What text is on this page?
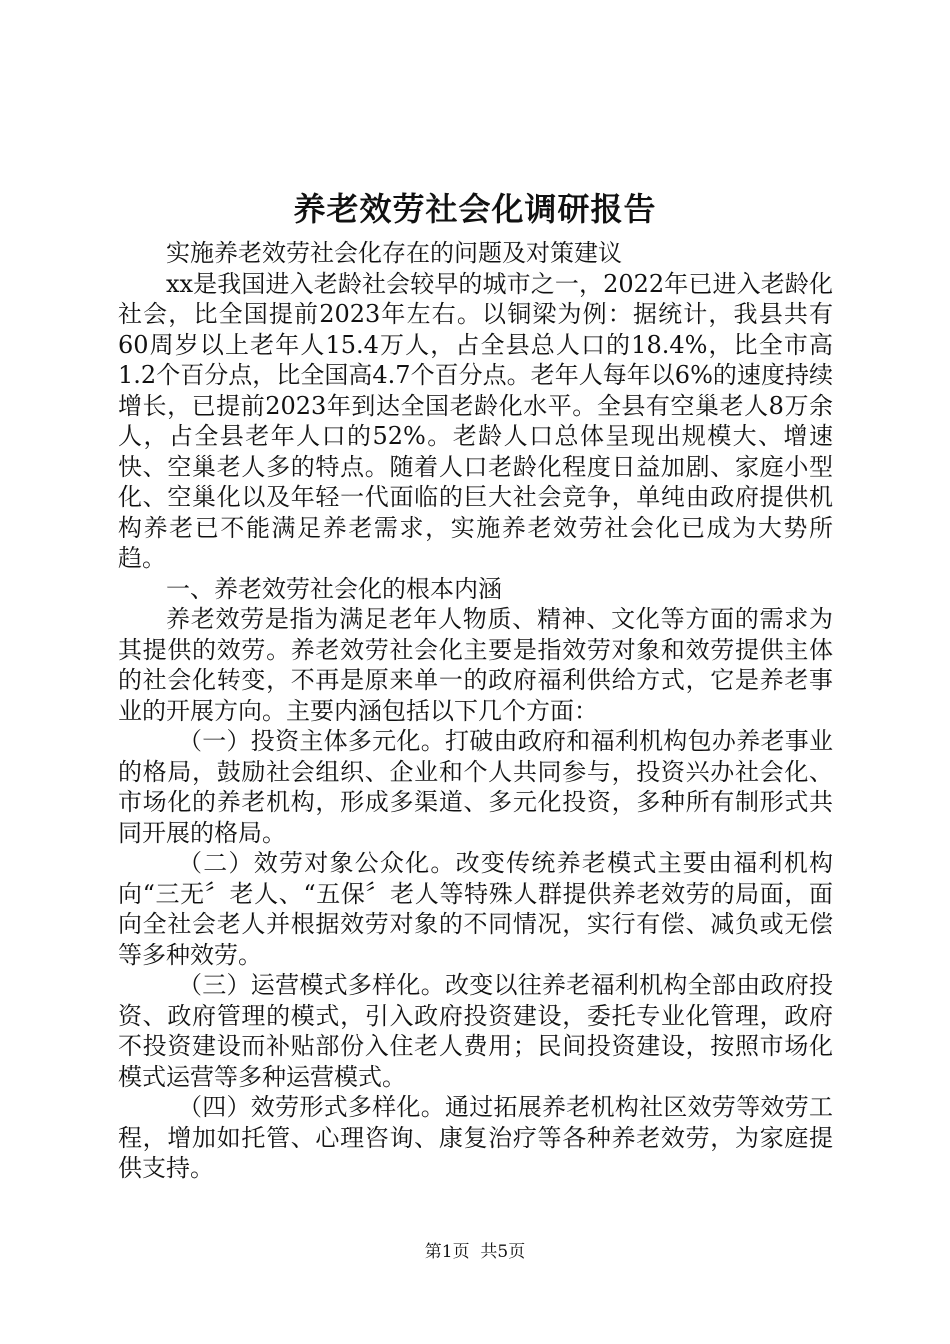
养老效劳社会化调研报告

实施养老效劳社会化存在的问题及对策建议

xx是我国进入老龄社会较早的城市之一，2022年已进入老龄化社会，比全国提前2023年左右。以铜梁为例：据统计，我县共有60周岁以上老年人15.4万人，占全县总人口的18.4%，比全市高1.2个百分点，比全国高4.7个百分点。老年人每年以6%的速度持续增长，已提前2023年到达全国老龄化水平。全县有空巢老人8万余人，占全县老年人口的52%。老龄人口总体呈现出规模大、增速快、空巢老人多的特点。随着人口老龄化程度日益加剧、家庭小型化、空巢化以及年轻一代面临的巨大社会竞争，单纯由政府提供机构养老已不能满足养老需求，实施养老效劳社会化已成为大势所趋。

一、养老效劳社会化的根本内涵

养老效劳是指为满足老年人物质、精神、文化等方面的需求为其提供的效劳。养老效劳社会化主要是指效劳对象和效劳提供主体的社会化转变，不再是原来单一的政府福利供给方式，它是养老事业的开展方向。主要内涵包括以下几个方面：

（一）投资主体多元化。打破由政府和福利机构包办养老事业的格局，鼓励社会组织、企业和个人共同参与，投资兴办社会化、市场化的养老机构，形成多渠道、多元化投资，多种所有制形式共同开展的格局。

（二）效劳对象公众化。改变传统养老模式主要由福利机构向“三无〞老人、“五保〞老人等特殊人群提供养老效劳的局面，面向全社会老人并根据效劳对象的不同情况，实行有偿、减负或无偿等多种效劳。

（三）运营模式多样化。改变以往养老福利机构全部由政府投资、政府管理的模式，引入政府投资建设，委托专业化管理，政府不投资建设而补贴部份入住老人费用；民间投资建设，按照市场化模式运营等多种运营模式。

（四）效劳形式多样化。通过拓展养老机构社区效劳等效劳工程，增加如托管、心理咨询、康复治疗等各种养老效劳，为家庭提供支持。

第1页 共5页
